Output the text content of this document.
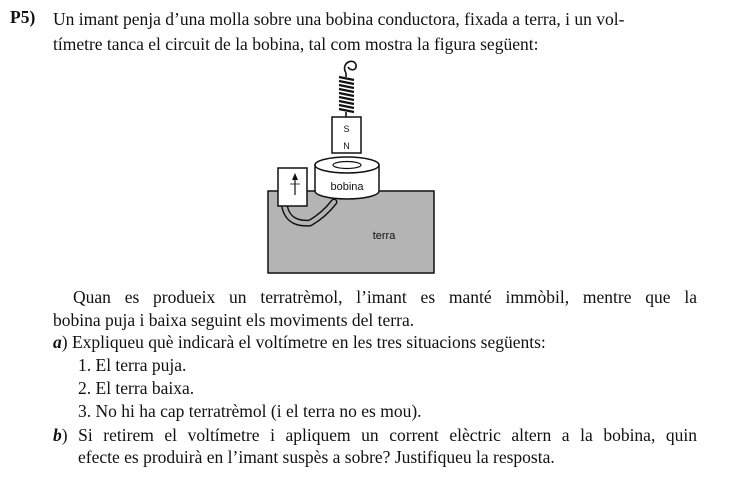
P5) Un imant penja d’una molla sobre una bobina conductora, fixada a terra, i un vol-
tímetre tanca el circuit de la bobina, tal com mostra la figura següent:
S
N
bobina
terra
Quan es produeix un terratrèmol, l’imant es manté immòbil, mentre que la
bobina puja i baixa seguint els moviments del terra.
a) Expliqueu què indicarà el voltímetre en les tres situacions següents:
1. El terra puja.
2. El terra baixa.
3. No hi ha cap terratrèmol (i el terra no es mou).
b) Si retirem el voltímetre i apliquem un corrent elèctric altern a la bobina, quin
efecte es produirà en l’imant suspès a sobre? Justifiqueu la resposta.
